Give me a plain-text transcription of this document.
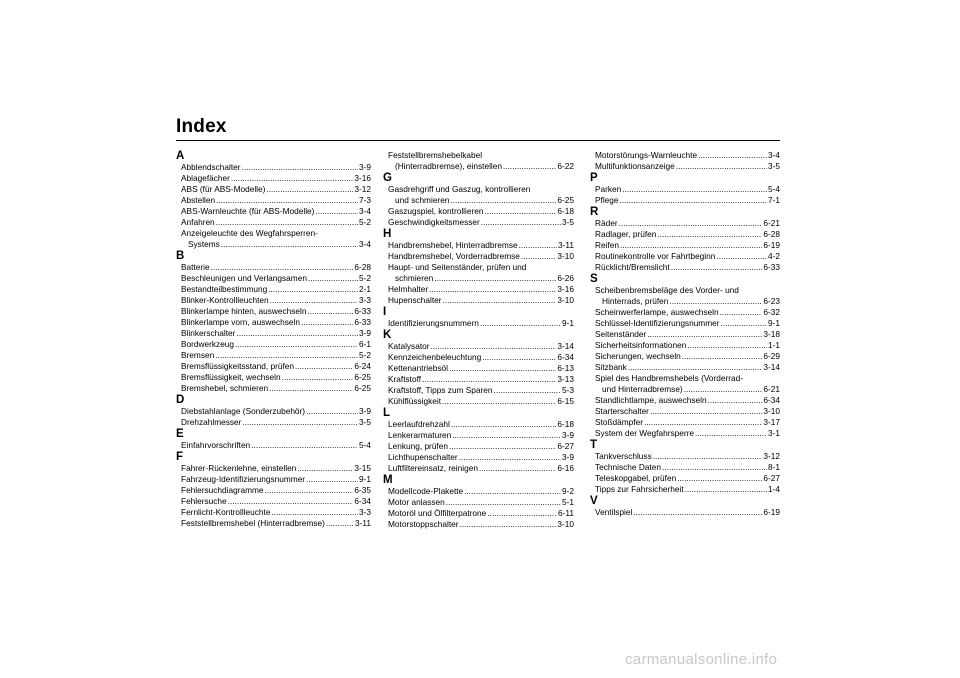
Index
A
Abblendschalter .....	3-9
Ablagefächer .....	3-16
ABS (für ABS-Modelle) .....	3-12
Abstellen .....	7-3
ABS-Warnleuchte (für ABS-Modelle) .....	3-4
Anfahren .....	5-2
Anzeigeleuchte des Wegfahrsperren-
Systems .....	3-4
B
Batterie .....	6-28
Beschleunigen und Verlangsamen .....	5-2
Bestandteilbestimmung .....	2-1
Blinker-Kontrollleuchten .....	3-3
Blinkerlampe hinten, auswechseln .....	6-33
Blinkerlampe vorn, auswechseln .....	6-33
Blinkerschalter .....	3-9
Bordwerkzeug .....	6-1
Bremsen .....	5-2
Bremsflüssigkeitsstand, prüfen .....	6-24
Bremsflüssigkeit, wechseln .....	6-25
Bremshebel, schmieren .....	6-25
D
Diebstahlanlage (Sonderzubehör) .....	3-9
Drehzahlmesser .....	3-5
E
Einfahrvorschriften .....	5-4
F
Fahrer-Rückenlehne, einstellen .....	3-15
Fahrzeug-Identifizierungsnummer .....	9-1
Fehlersuchdiagramme .....	6-35
Fehlersuche .....	6-34
Fernlicht-Kontrollleuchte .....	3-3
Feststellbremshebel (Hinterradbremse) .....	3-11
Feststellbremshebelkabel
(Hinterradbremse), einstellen .....	6-22
G
Gasdrehgriff und Gaszug, kontrollieren
und schmieren .....	6-25
Gaszugspiel, kontrollieren .....	6-18
Geschwindigkeitsmesser .....	3-5
H
Handbremshebel, Hinterradbremse .....	3-11
Handbremshebel, Vorderradbremse .....	3-10
Haupt- und Seitenständer, prüfen und
schmieren .....	6-26
Helmhalter .....	3-16
Hupenschalter .....	3-10
I
Identifizierungsnummern .....	9-1
K
Katalysator .....	3-14
Kennzeichenbeleuchtung .....	6-34
Kettenantriebsöl .....	6-13
Kraftstoff .....	3-13
Kraftstoff, Tipps zum Sparen .....	5-3
Kühlflüssigkeit .....	6-15
L
Leerlaufdrehzahl .....	6-18
Lenkerarmaturen .....	3-9
Lenkung, prüfen .....	6-27
Lichthupenschalter .....	3-9
Luftfiltereinsatz, reinigen .....	6-16
M
Modellcode-Plakette .....	9-2
Motor anlassen .....	5-1
Motoröl und Ölfilterpatrone .....	6-11
Motorstoppschalter .....	3-10
Motorstörungs-Warnleuchte .....	3-4
Multifunktionsanzeige .....	3-5
P
Parken .....	5-4
Pflege .....	7-1
R
Räder .....	6-21
Radlager, prüfen .....	6-28
Reifen .....	6-19
Routinekontrolle vor Fahrtbeginn .....	4-2
Rücklicht/Bremslicht .....	6-33
S
Scheibenbremsbeläge des Vorder- und
Hinterrads, prüfen .....	6-23
Scheinwerferlampe, auswechseln .....	6-32
Schlüssel-Identifizierungsnummer .....	9-1
Seitenständer .....	3-18
Sicherheitsinformationen .....	1-1
Sicherungen, wechseln .....	6-29
Sitzbank .....	3-14
Spiel des Handbremshebels (Vorderrad-
und Hinterradbremse) .....	6-21
Standlichtlampe, auswechseln .....	6-34
Starterschalter .....	3-10
Stoßdämpfer .....	3-17
System der Wegfahrsperre .....	3-1
T
Tankverschluss .....	3-12
Technische Daten .....	8-1
Teleskopgabel, prüfen .....	6-27
Tipps zur Fahrsicherheit .....	1-4
V
Ventilspiel .....	6-19
carmanualsonline.info
